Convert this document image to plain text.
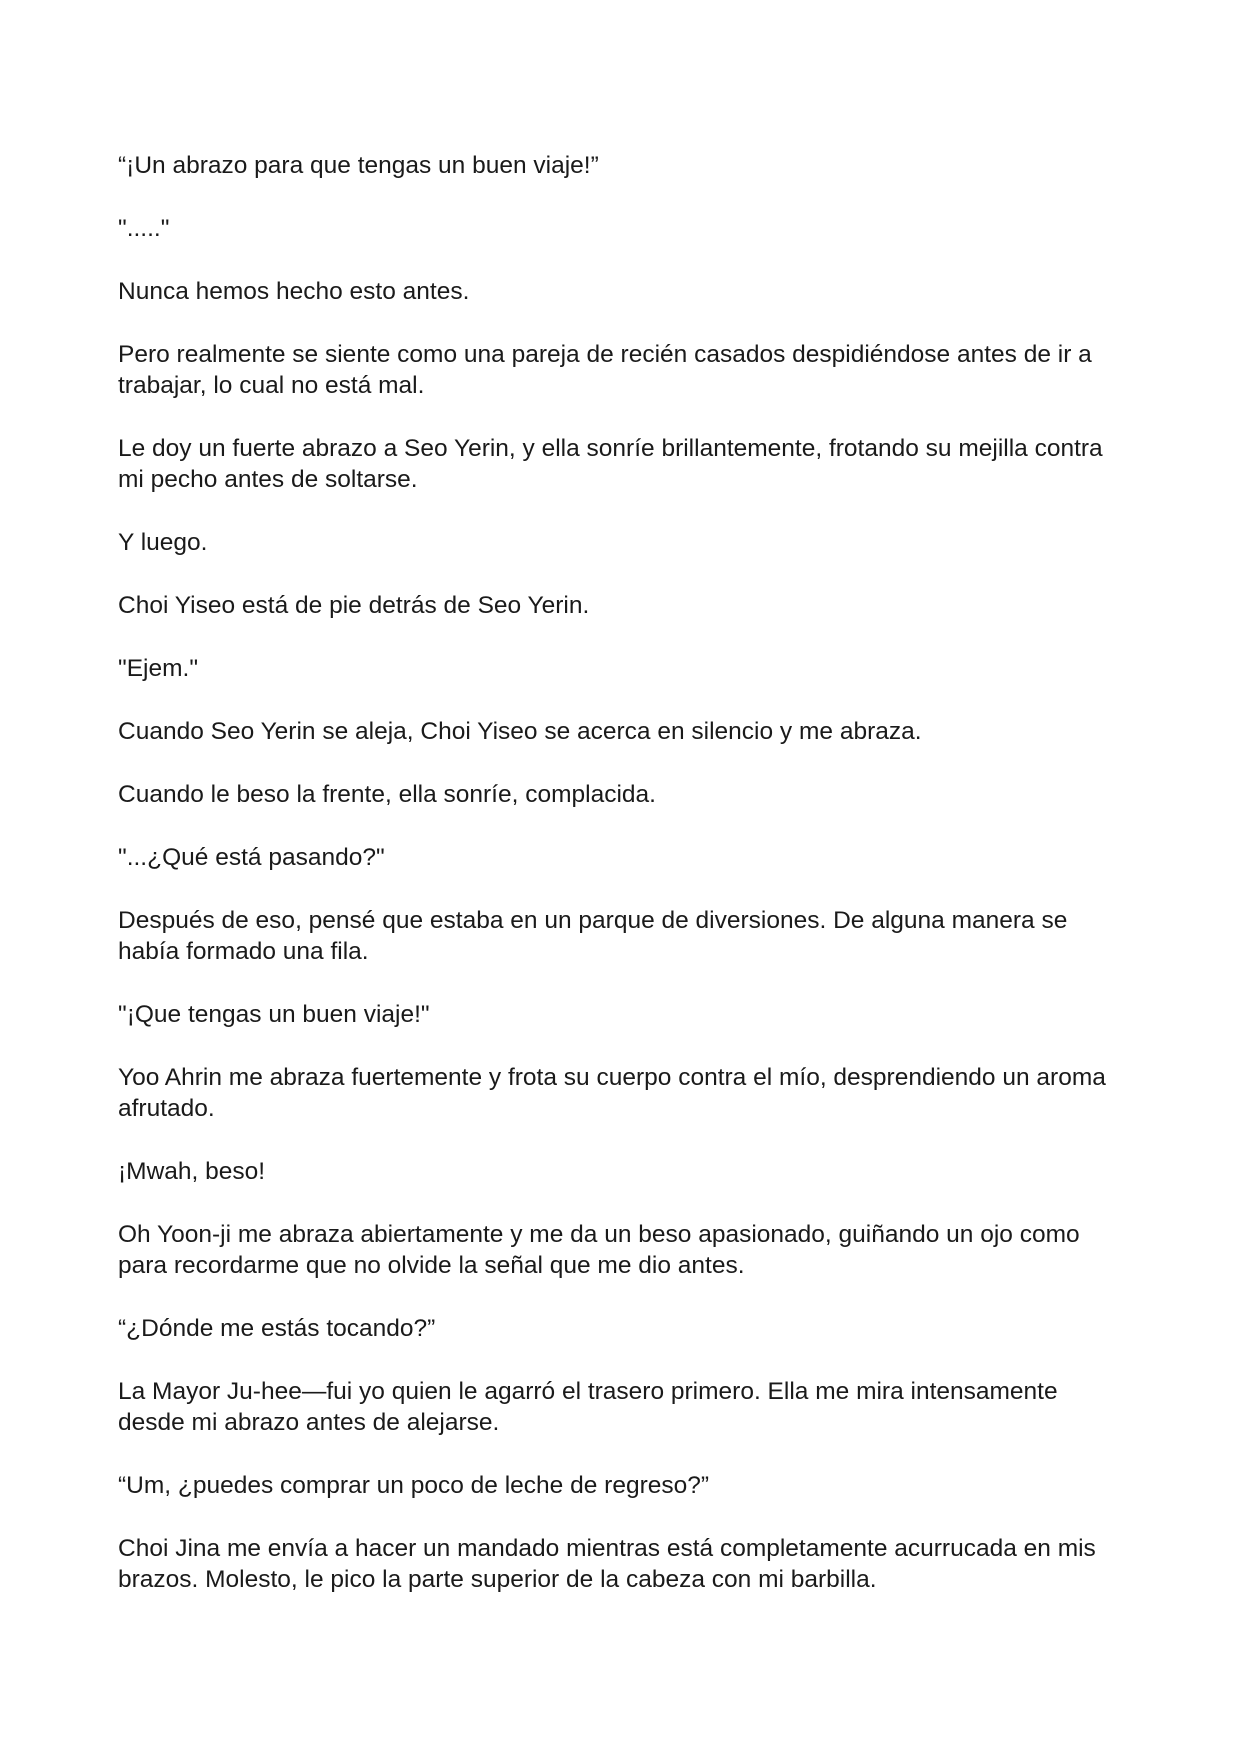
“¡Un abrazo para que tengas un buen viaje!”

"....."

Nunca hemos hecho esto antes.

Pero realmente se siente como una pareja de recién casados despidiéndose antes de ir a trabajar, lo cual no está mal.

Le doy un fuerte abrazo a Seo Yerin, y ella sonríe brillantemente, frotando su mejilla contra mi pecho antes de soltarse.

Y luego.

Choi Yiseo está de pie detrás de Seo Yerin.

"Ejem."

Cuando Seo Yerin se aleja, Choi Yiseo se acerca en silencio y me abraza.

Cuando le beso la frente, ella sonríe, complacida.

"...¿Qué está pasando?"

Después de eso, pensé que estaba en un parque de diversiones. De alguna manera se había formado una fila.

"¡Que tengas un buen viaje!"

Yoo Ahrin me abraza fuertemente y frota su cuerpo contra el mío, desprendiendo un aroma afrutado.

¡Mwah, beso!

Oh Yoon-ji me abraza abiertamente y me da un beso apasionado, guiñando un ojo como para recordarme que no olvide la señal que me dio antes.

“¿Dónde me estás tocando?”

La Mayor Ju-hee—fui yo quien le agarró el trasero primero. Ella me mira intensamente desde mi abrazo antes de alejarse.

“Um, ¿puedes comprar un poco de leche de regreso?”

Choi Jina me envía a hacer un mandado mientras está completamente acurrucada en mis brazos. Molesto, le pico la parte superior de la cabeza con mi barbilla.
